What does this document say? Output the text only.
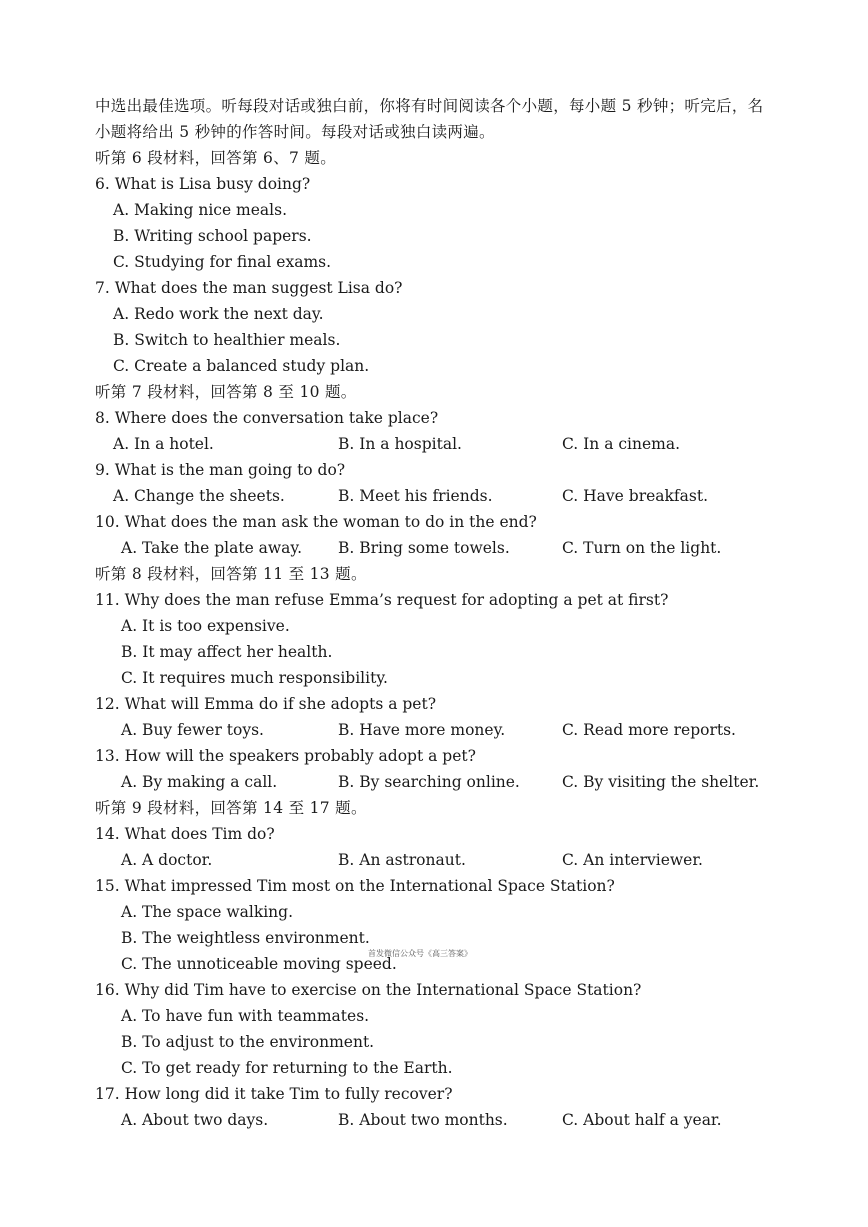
中选出最佳选项。听每段对话或独白前，你将有时间阅读各个小题，每小题 5 秒钟；听完后，名
小题将给出 5 秒钟的作答时间。每段对话或独白读两遍。
听第 6 段材料，回答第 6、7 题。
6. What is Lisa busy doing?
A. Making nice meals.
B. Writing school papers.
C. Studying for final exams.
7. What does the man suggest Lisa do?
A. Redo work the next day.
B. Switch to healthier meals.
C. Create a balanced study plan.
听第 7 段材料，回答第 8 至 10 题。
8. Where does the conversation take place?
A. In a hotel.	B. In a hospital.	C. In a cinema.
9. What is the man going to do?
A. Change the sheets.	B. Meet his friends.	C. Have breakfast.
10. What does the man ask the woman to do in the end?
A. Take the plate away. B. Bring some towels.	C. Turn on the light.
听第 8 段材料，回答第 11 至 13 题。
11. Why does the man refuse Emma’s request for adopting a pet at first?
A. It is too expensive.
B. It may affect her health.
C. It requires much responsibility.
12. What will Emma do if she adopts a pet?
A. Buy fewer toys.	B. Have more money.	C. Read more reports.
13. How will the speakers probably adopt a pet?
A. By making a call.	B. By searching online.	C. By visiting the shelter.
听第 9 段材料，回答第 14 至 17 题。
14. What does Tim do?
A. A doctor.	B. An astronaut.	C. An interviewer.
15. What impressed Tim most on the International Space Station?
A. The space walking.
B. The weightless environment.
C. The unnoticeable moving speed.
首发微信公众号《高三答案》
16. Why did Tim have to exercise on the International Space Station?
A. To have fun with teammates.
B. To adjust to the environment.
C. To get ready for returning to the Earth.
17. How long did it take Tim to fully recover?
A. About two days.	B. About two months.	C. About half a year.
